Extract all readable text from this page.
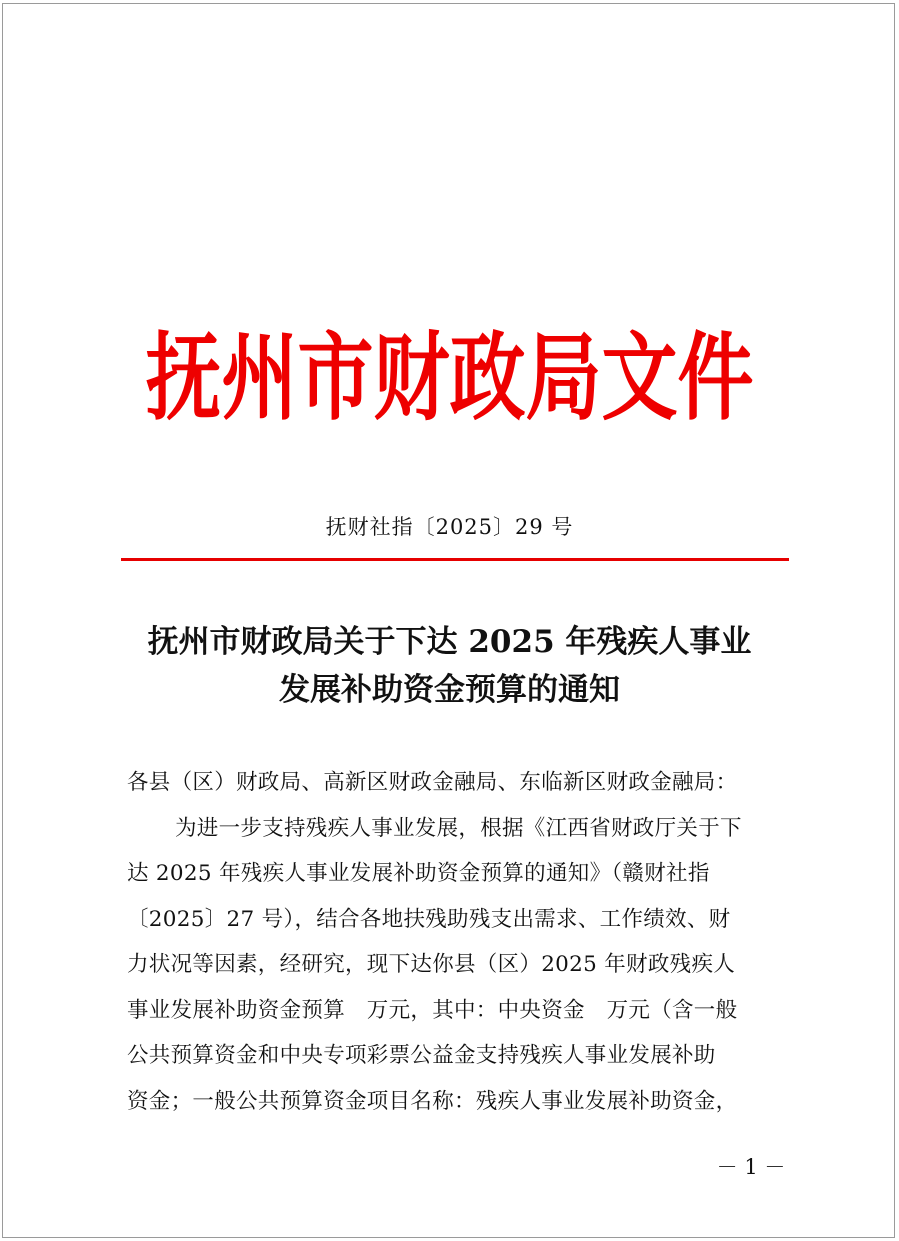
抚州市财政局文件
抚财社指〔2025〕29 号
抚州市财政局关于下达 2025 年残疾人事业
发展补助资金预算的通知
各县（区）财政局、高新区财政金融局、东临新区财政金融局：
为进一步支持残疾人事业发展，根据《江西省财政厅关于下
达 2025 年残疾人事业发展补助资金预算的通知》（赣财社指
〔2025〕27 号），结合各地扶残助残支出需求、工作绩效、财
力状况等因素，经研究，现下达你县（区）2025 年财政残疾人
事业发展补助资金预算　万元，其中：中央资金　万元（含一般
公共预算资金和中央专项彩票公益金支持残疾人事业发展补助
资金；一般公共预算资金项目名称：残疾人事业发展补助资金，
－ 1 －
